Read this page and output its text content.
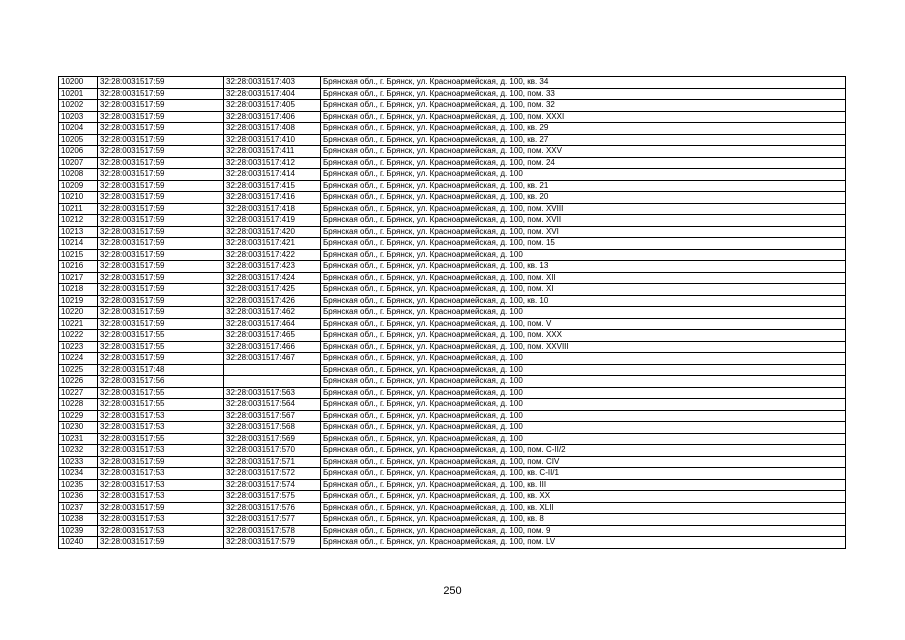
10200	32:28:0031517:59	32:28:0031517:403	Брянская обл., г. Брянск, ул. Красноармейская, д. 100, кв. 34
10201	32:28:0031517:59	32:28:0031517:404	Брянская обл., г. Брянск, ул. Красноармейская, д. 100, пом. 33
10202	32:28:0031517:59	32:28:0031517:405	Брянская обл., г. Брянск, ул. Красноармейская, д. 100, пом. 32
10203	32:28:0031517:59	32:28:0031517:406	Брянская обл., г. Брянск, ул. Красноармейская, д. 100, пом. XXXI
10204	32:28:0031517:59	32:28:0031517:408	Брянская обл., г. Брянск, ул. Красноармейская, д. 100, кв. 29
10205	32:28:0031517:59	32:28:0031517:410	Брянская обл., г. Брянск, ул. Красноармейская, д. 100, кв. 27
10206	32:28:0031517:59	32:28:0031517:411	Брянская обл., г. Брянск, ул. Красноармейская, д. 100, пом. XXV
10207	32:28:0031517:59	32:28:0031517:412	Брянская обл., г. Брянск, ул. Красноармейская, д. 100, пом. 24
10208	32:28:0031517:59	32:28:0031517:414	Брянская обл., г. Брянск, ул. Красноармейская, д. 100
10209	32:28:0031517:59	32:28:0031517:415	Брянская обл., г. Брянск, ул. Красноармейская, д. 100, кв. 21
10210	32:28:0031517:59	32:28:0031517:416	Брянская обл., г. Брянск, ул. Красноармейская, д. 100, кв. 20
10211	32:28:0031517:59	32:28:0031517:418	Брянская обл., г. Брянск, ул. Красноармейская, д. 100, пом. XVIII
10212	32:28:0031517:59	32:28:0031517:419	Брянская обл., г. Брянск, ул. Красноармейская, д. 100, пом. XVII
10213	32:28:0031517:59	32:28:0031517:420	Брянская обл., г. Брянск, ул. Красноармейская, д. 100, пом. XVI
10214	32:28:0031517:59	32:28:0031517:421	Брянская обл., г. Брянск, ул. Красноармейская, д. 100, пом. 15
10215	32:28:0031517:59	32:28:0031517:422	Брянская обл., г. Брянск, ул. Красноармейская, д. 100
10216	32:28:0031517:59	32:28:0031517:423	Брянская обл., г. Брянск, ул. Красноармейская, д. 100, кв. 13
10217	32:28:0031517:59	32:28:0031517:424	Брянская обл., г. Брянск, ул. Красноармейская, д. 100, пом. XII
10218	32:28:0031517:59	32:28:0031517:425	Брянская обл., г. Брянск, ул. Красноармейская, д. 100, пом. XI
10219	32:28:0031517:59	32:28:0031517:426	Брянская обл., г. Брянск, ул. Красноармейская, д. 100, кв. 10
10220	32:28:0031517:59	32:28:0031517:462	Брянская обл., г. Брянск, ул. Красноармейская, д. 100
10221	32:28:0031517:59	32:28:0031517:464	Брянская обл., г. Брянск, ул. Красноармейская, д. 100, пом. V
10222	32:28:0031517:55	32:28:0031517:465	Брянская обл., г. Брянск, ул. Красноармейская, д. 100, пом. XXX
10223	32:28:0031517:55	32:28:0031517:466	Брянская обл., г. Брянск, ул. Красноармейская, д. 100, пом. XXVIII
10224	32:28:0031517:59	32:28:0031517:467	Брянская обл., г. Брянск, ул. Красноармейская, д. 100
10225	32:28:0031517:48		Брянская обл., г. Брянск, ул. Красноармейская, д. 100
10226	32:28:0031517:56		Брянская обл., г. Брянск, ул. Красноармейская, д. 100
10227	32:28:0031517:55	32:28:0031517:563	Брянская обл., г. Брянск, ул. Красноармейская, д. 100
10228	32:28:0031517:55	32:28:0031517:564	Брянская обл., г. Брянск, ул. Красноармейская, д. 100
10229	32:28:0031517:53	32:28:0031517:567	Брянская обл., г. Брянск, ул. Красноармейская, д. 100
10230	32:28:0031517:53	32:28:0031517:568	Брянская обл., г. Брянск, ул. Красноармейская, д. 100
10231	32:28:0031517:55	32:28:0031517:569	Брянская обл., г. Брянск, ул. Красноармейская, д. 100
10232	32:28:0031517:53	32:28:0031517:570	Брянская обл., г. Брянск, ул. Красноармейская, д. 100, пом. С-II/2
10233	32:28:0031517:59	32:28:0031517:571	Брянская обл., г. Брянск, ул. Красноармейская, д. 100, пом. CIV
10234	32:28:0031517:53	32:28:0031517:572	Брянская обл., г. Брянск, ул. Красноармейская, д. 100, кв. С-II/1
10235	32:28:0031517:53	32:28:0031517:574	Брянская обл., г. Брянск, ул. Красноармейская, д. 100, кв. III
10236	32:28:0031517:53	32:28:0031517:575	Брянская обл., г. Брянск, ул. Красноармейская, д. 100, кв. XX
10237	32:28:0031517:59	32:28:0031517:576	Брянская обл., г. Брянск, ул. Красноармейская, д. 100, кв. XLII
10238	32:28:0031517:53	32:28:0031517:577	Брянская обл., г. Брянск, ул. Красноармейская, д. 100, кв. 8
10239	32:28:0031517:53	32:28:0031517:578	Брянская обл., г. Брянск, ул. Красноармейская, д. 100, пом. 9
10240	32:28:0031517:59	32:28:0031517:579	Брянская обл., г. Брянск, ул. Красноармейская, д. 100, пом. LV
250
